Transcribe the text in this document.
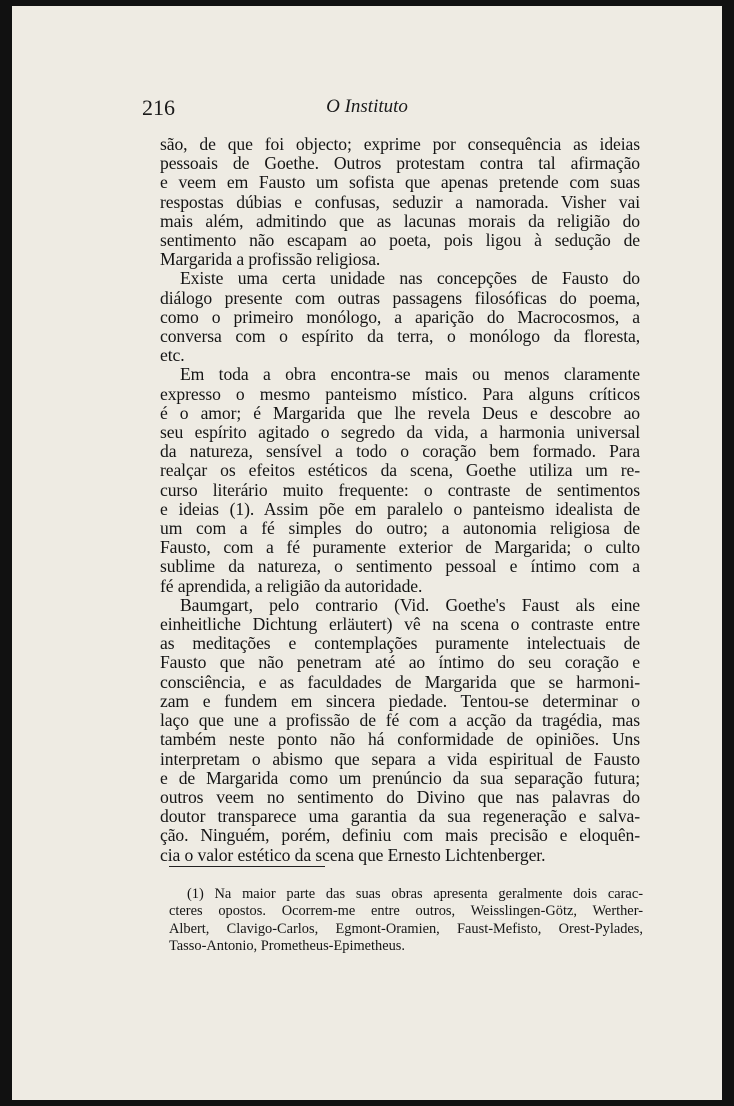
216	O Instituto
são, de que foi objecto; exprime por consequência as ideias
pessoais de Goethe. Outros protestam contra tal afirmação
e veem em Fausto um sofista que apenas pretende com suas
respostas dúbias e confusas, seduzir a namorada. Visher vai
mais além, admitindo que as lacunas morais da religião do
sentimento não escapam ao poeta, pois ligou à sedução de
Margarida a profissão religiosa.
Existe uma certa unidade nas concepções de Fausto do
diálogo presente com outras passagens filosóficas do poema,
como o primeiro monólogo, a aparição do Macrocosmos, a
conversa com o espírito da terra, o monólogo da floresta,
etc.
Em toda a obra encontra-se mais ou menos claramente
expresso o mesmo panteismo místico. Para alguns críticos
é o amor; é Margarida que lhe revela Deus e descobre ao
seu espírito agitado o segredo da vida, a harmonia universal
da natureza, sensível a todo o coração bem formado. Para
realçar os efeitos estéticos da scena, Goethe utiliza um re-
curso literário muito frequente: o contraste de sentimentos
e ideias (1). Assim põe em paralelo o panteismo idealista de
um com a fé simples do outro; a autonomia religiosa de
Fausto, com a fé puramente exterior de Margarida; o culto
sublime da natureza, o sentimento pessoal e íntimo com a
fé aprendida, a religião da autoridade.
Baumgart, pelo contrario (Vid. Goethe's Faust als eine
einheitliche Dichtung erläutert) vê na scena o contraste entre
as meditações e contemplações puramente intelectuais de
Fausto que não penetram até ao íntimo do seu coração e
consciência, e as faculdades de Margarida que se harmoni-
zam e fundem em sincera piedade. Tentou-se determinar o
laço que une a profissão de fé com a acção da tragédia, mas
também neste ponto não há conformidade de opiniões. Uns
interpretam o abismo que separa a vida espiritual de Fausto
e de Margarida como um prenúncio da sua separação futura;
outros veem no sentimento do Divino que nas palavras do
doutor transparece uma garantia da sua regeneração e salva-
ção. Ninguém, porém, definiu com mais precisão e eloquên-
cia o valor estético da scena que Ernesto Lichtenberger.
(1) Na maior parte das suas obras apresenta geralmente dois carac-
cteres opostos. Ocorrem-me entre outros, Weisslingen-Götz, Werther-
Albert, Clavigo-Carlos, Egmont-Oramien, Faust-Mefisto, Orest-Pylades,
Tasso-Antonio, Prometheus-Epimetheus.
